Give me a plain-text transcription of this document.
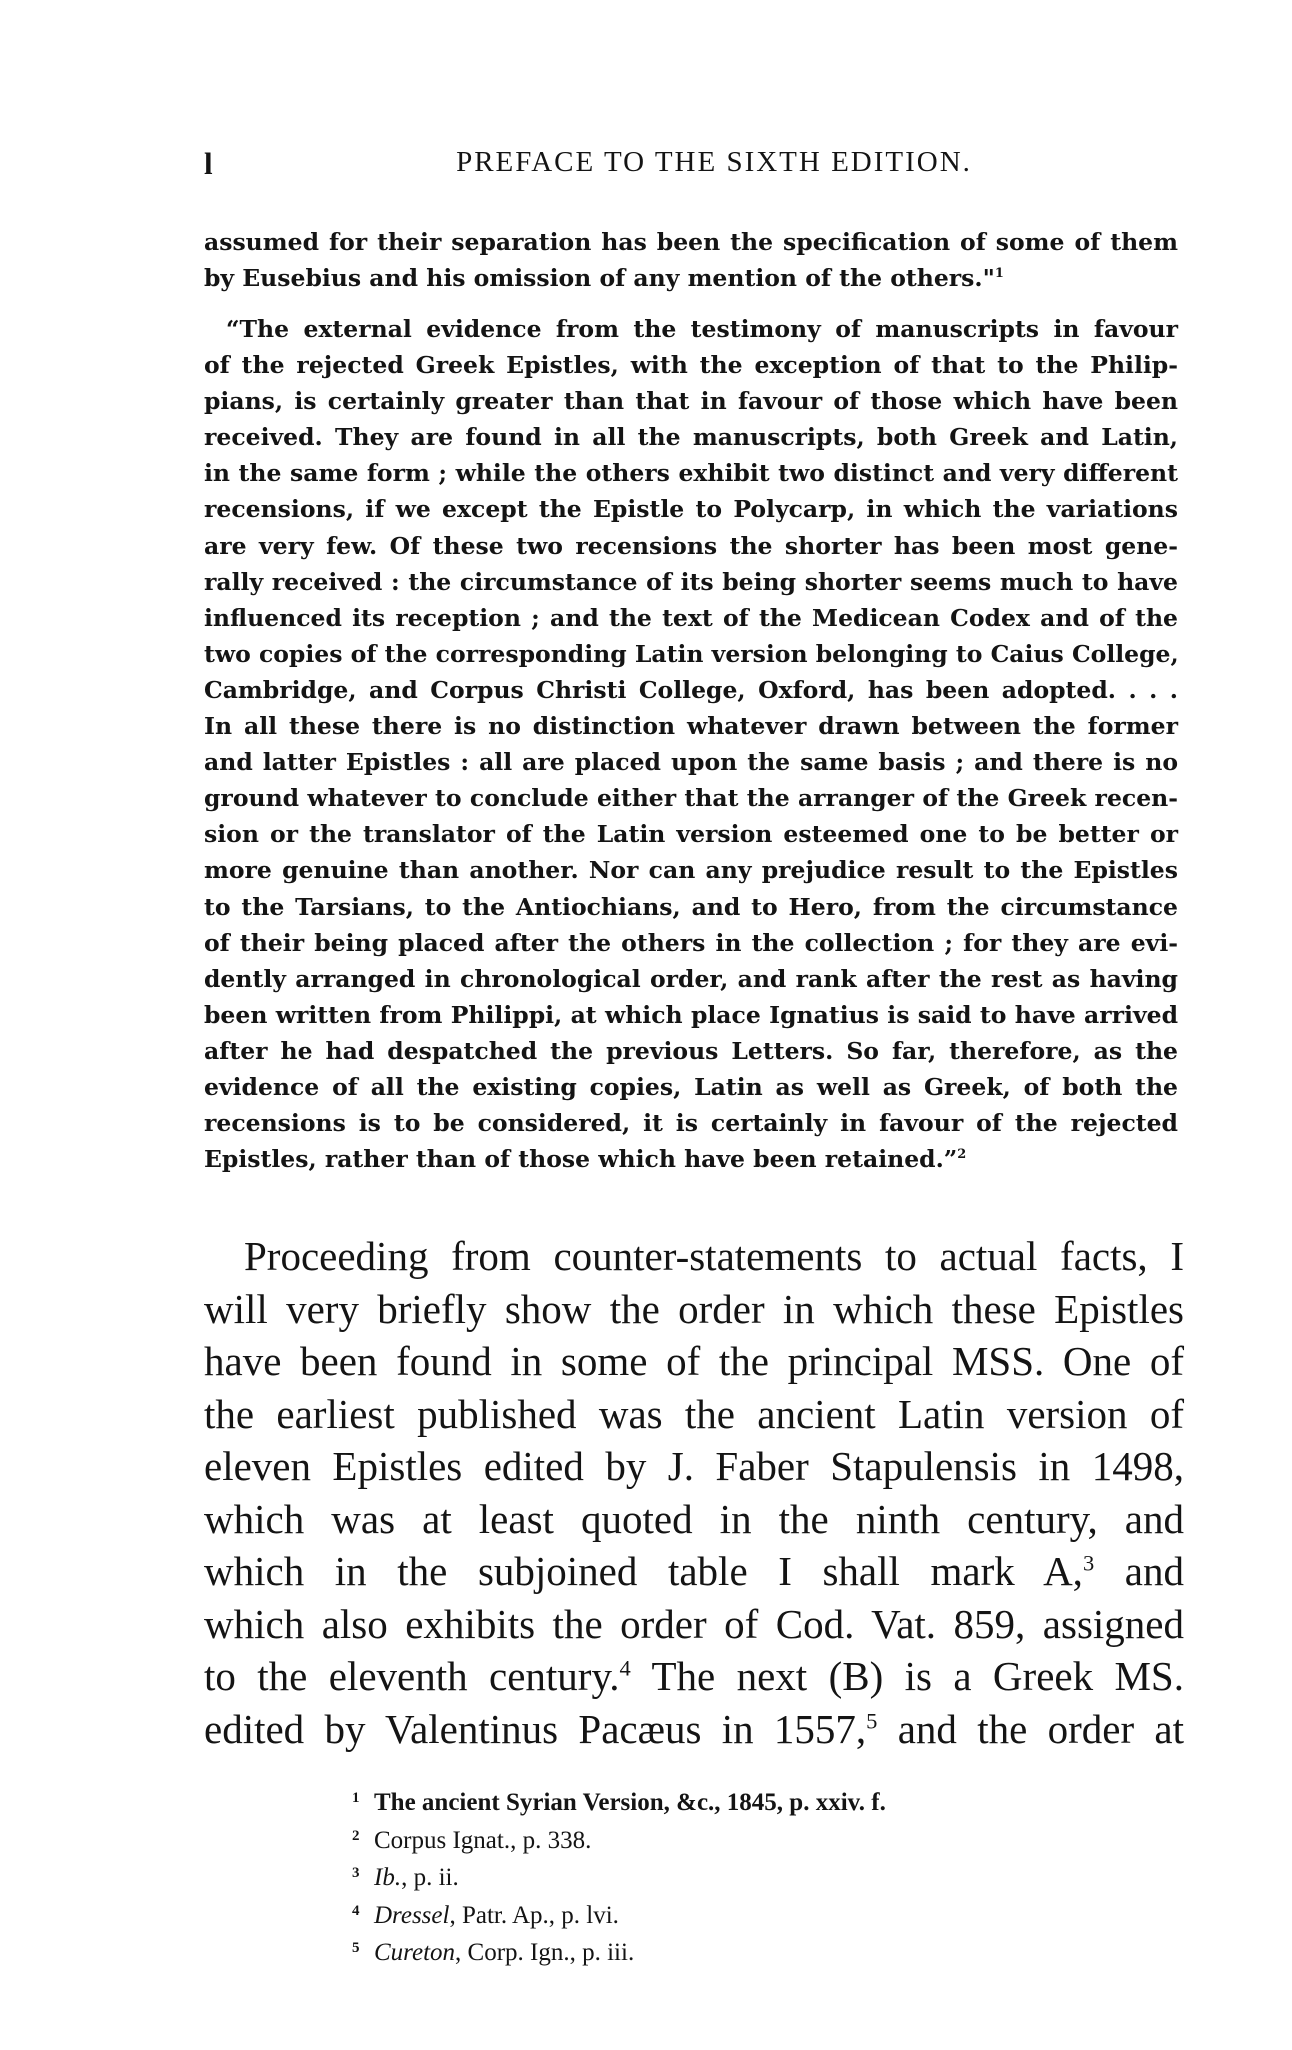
l	PREFACE TO THE SIXTH EDITION.
assumed for their separation has been the specification of some of them
by Eusebius and his omission of any mention of the others."$^1$
“The external evidence from the testimony of manuscripts in favour
of the rejected Greek Epistles, with the exception of that to the Philip-
pians, is certainly greater than that in favour of those which have been
received. They are found in all the manuscripts, both Greek and Latin,
in the same form ; while the others exhibit two distinct and very different
recensions, if we except the Epistle to Polycarp, in which the variations
are very few. Of these two recensions the shorter has been most gene-
rally received : the circumstance of its being shorter seems much to have
influenced its reception ; and the text of the Medicean Codex and of the
two copies of the corresponding Latin version belonging to Caius College,
Cambridge, and Corpus Christi College, Oxford, has been adopted. . . .
In all these there is no distinction whatever drawn between the former
and latter Epistles : all are placed upon the same basis ; and there is no
ground whatever to conclude either that the arranger of the Greek recen-
sion or the translator of the Latin version esteemed one to be better or
more genuine than another. Nor can any prejudice result to the Epistles
to the Tarsians, to the Antiochians, and to Hero, from the circumstance
of their being placed after the others in the collection ; for they are evi-
dently arranged in chronological order, and rank after the rest as having
been written from Philippi, at which place Ignatius is said to have arrived
after he had despatched the previous Letters. So far, therefore, as the
evidence of all the existing copies, Latin as well as Greek, of both the
recensions is to be considered, it is certainly in favour of the rejected
Epistles, rather than of those which have been retained.”$^2$
Proceeding from counter-statements to actual facts, I
will very briefly show the order in which these Epistles
have been found in some of the principal MSS. One of
the earliest published was the ancient Latin version of
eleven Epistles edited by J. Faber Stapulensis in 1498,
which was at least quoted in the ninth century, and
which in the subjoined table I shall mark A,$^3$ and
which also exhibits the order of Cod. Vat. 859, assigned
to the eleventh century.$^4$ The next (B) is a Greek MS.
edited by Valentinus Pacæus in 1557,$^5$ and the order at
1 The ancient Syrian Version, &c., 1845, p. xxiv. f.
2 Corpus Ignat., p. 338.
3 Ib., p. ii.
4 Dressel, Patr. Ap., p. lvi.
5 Cureton, Corp. Ign., p. iii.
